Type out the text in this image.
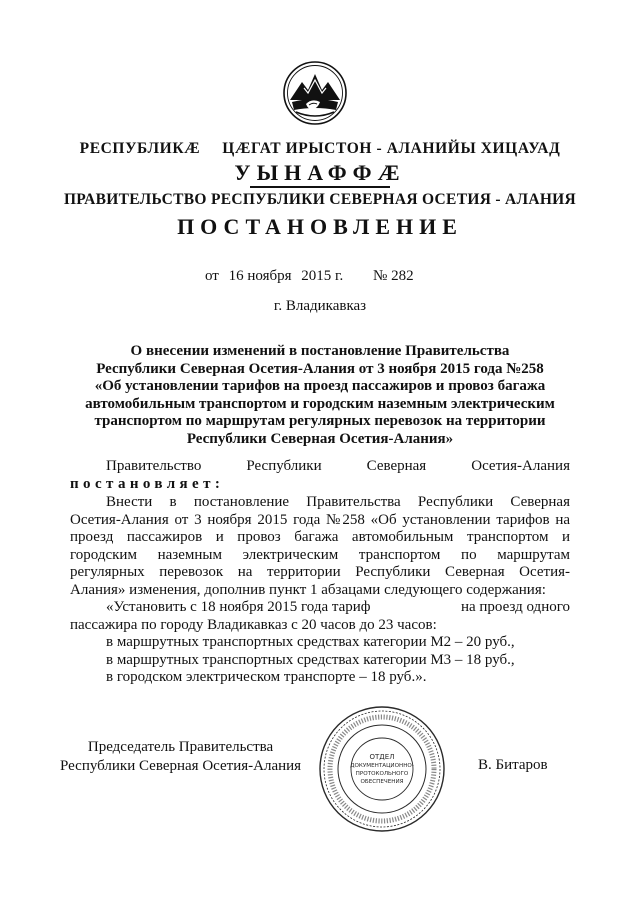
РЕСПУБЛИКÆ ЦÆГАТ ИРЫСТОН - АЛАНИЙЫ ХИЦАУАД
УЫНАФФÆ
ПРАВИТЕЛЬСТВО РЕСПУБЛИКИ СЕВЕРНАЯ ОСЕТИЯ - АЛАНИЯ
ПОСТАНОВЛЕНИЕ
от 16 ноября 2015 г. № 282
г. Владикавказ
О внесении изменений в постановление Правительства
Республики Северная Осетия-Алания от 3 ноября 2015 года №258
«Об установлении тарифов на проезд пассажиров и провоз багажа
автомобильным транспортом и городским наземным электрическим
транспортом по маршрутам регулярных перевозок на территории
Республики Северная Осетия-Алания»
Правительство	Республики	Северная	Осетия-Алания
постановляет:
Внести в постановление Правительства Республики Северная
Осетия-Алания от 3 ноября 2015 года №258 «Об установлении тарифов на
проезд пассажиров и провоз багажа автомобильным транспортом и
городским наземным электрическим транспортом по маршрутам
регулярных перевозок на территории Республики Северная Осетия-
Алания» изменения, дополнив пункт 1 абзацами следующего содержания:
«Установить с 18 ноября 2015 года тариф	на проезд одного
пассажира по городу Владикавказ с 20 часов до 23 часов:
в маршрутных транспортных средствах категории М2 – 20 руб.,
в маршрутных транспортных средствах категории М3 – 18 руб.,
в городском электрическом транспорте – 18 руб.».
Председатель Правительства
Республики Северная Осетия-Алания
ОТДЕЛ
ДОКУМЕНТАЦИОННО-
ПРОТОКОЛЬНОГО
ОБЕСПЕЧЕНИЯ
В. Битаров
